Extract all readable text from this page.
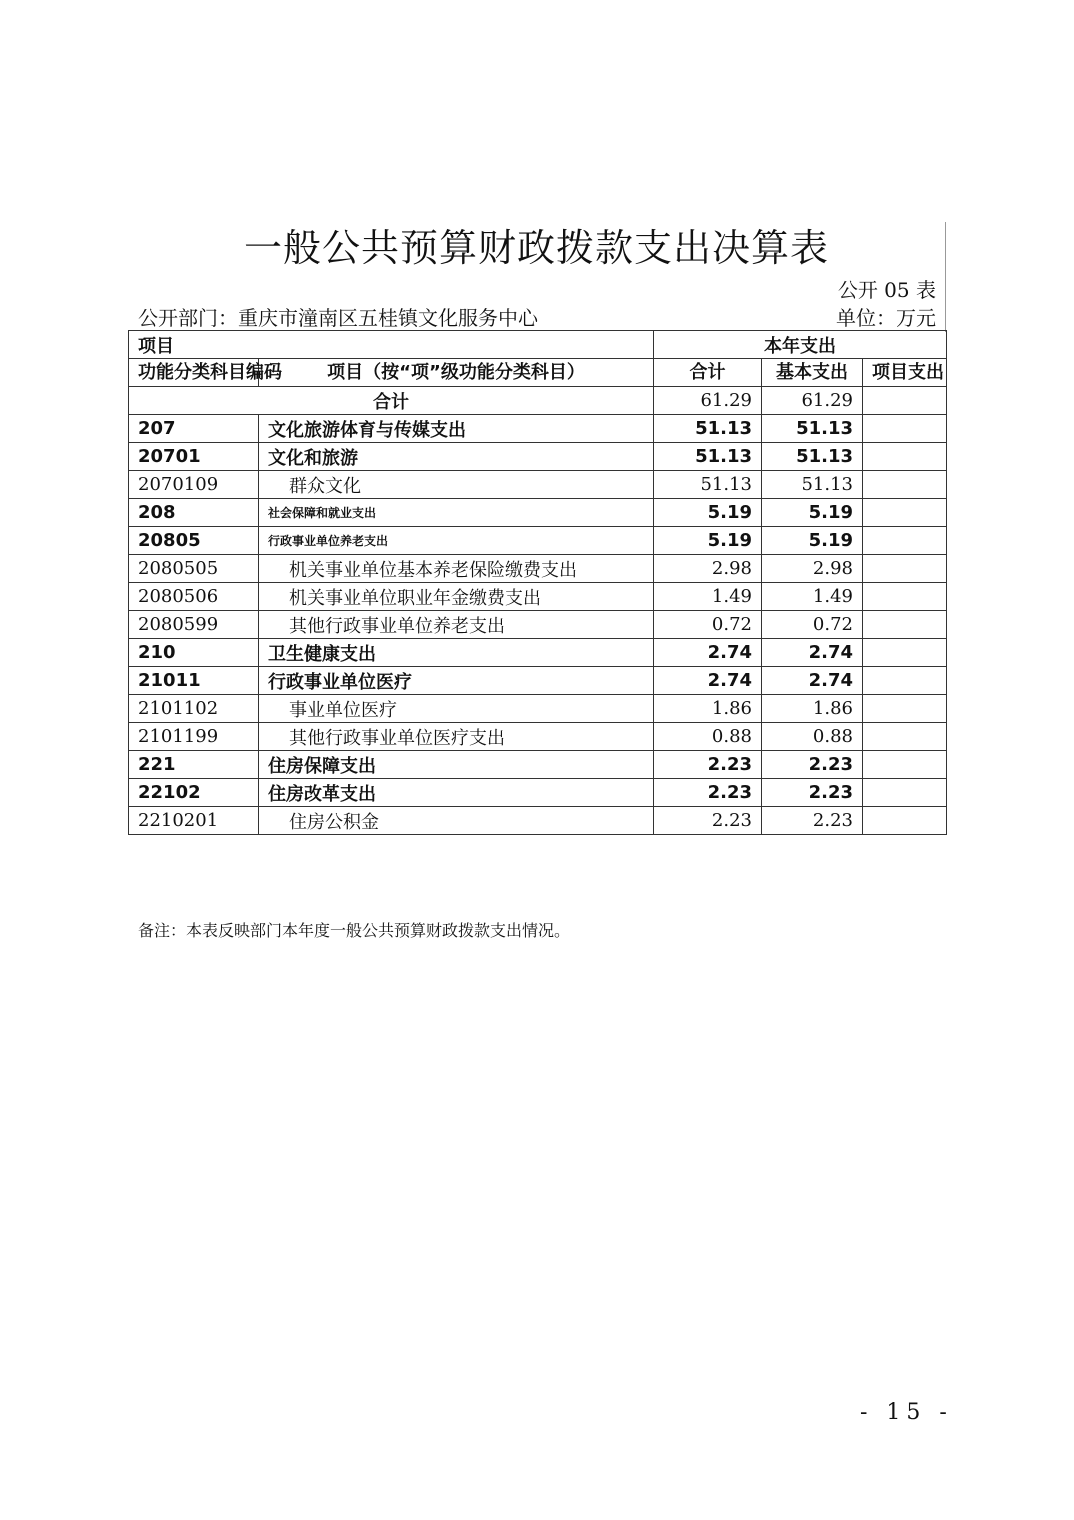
一般公共预算财政拨款支出决算表
公开 05 表
公开部门：重庆市潼南区五桂镇文化服务中心	单位：万元
项目		本年支出		
功能分类科目编码	项目（按“项”级功能分类科目）	合计	基本支出	项目支出
合计		61.29	61.29	
207	文化旅游体育与传媒支出	51.13	51.13	
20701	文化和旅游	51.13	51.13	
2070109	群众文化	51.13	51.13	
208	社会保障和就业支出	5.19	5.19	
20805	行政事业单位养老支出	5.19	5.19	
2080505	机关事业单位基本养老保险缴费支出	2.98	2.98	
2080506	机关事业单位职业年金缴费支出	1.49	1.49	
2080599	其他行政事业单位养老支出	0.72	0.72	
210	卫生健康支出	2.74	2.74	
21011	行政事业单位医疗	2.74	2.74	
2101102	事业单位医疗	1.86	1.86	
2101199	其他行政事业单位医疗支出	0.88	0.88	
221	住房保障支出	2.23	2.23	
22102	住房改革支出	2.23	2.23	
2210201	住房公积金	2.23	2.23	
备注：本表反映部门本年度一般公共预算财政拨款支出情况。
- 15 -
